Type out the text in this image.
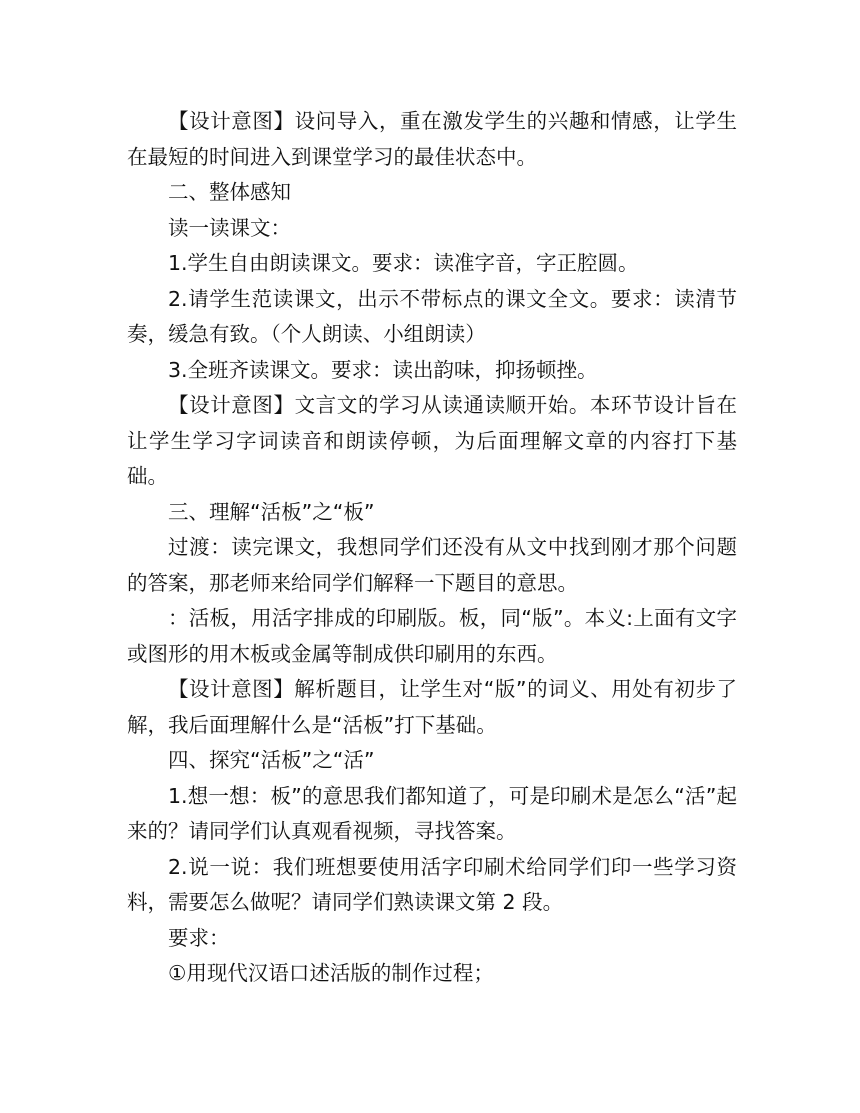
【设计意图】设问导入，重在激发学生的兴趣和情感，让学生在最短的时间进入到课堂学习的最佳状态中。

二、整体感知

读一读课文：

1.学生自由朗读课文。要求：读准字音，字正腔圆。

2.请学生范读课文，出示不带标点的课文全文。要求：读清节奏，缓急有致。（个人朗读、小组朗读）

3.全班齐读课文。要求：读出韵味，抑扬顿挫。

【设计意图】文言文的学习从读通读顺开始。本环节设计旨在让学生学习字词读音和朗读停顿，为后面理解文章的内容打下基础。

三、理解“活板”之“板”

过渡：读完课文，我想同学们还没有从文中找到刚才那个问题的答案，那老师来给同学们解释一下题目的意思。

：活板，用活字排成的印刷版。板，同“版”。本义:上面有文字或图形的用木板或金属等制成供印刷用的东西。

【设计意图】解析题目，让学生对“版”的词义、用处有初步了解，我后面理解什么是“活板”打下基础。

四、探究“活板”之“活”

1.想一想：板”的意思我们都知道了，可是印刷术是怎么“活”起来的？请同学们认真观看视频，寻找答案。

2.说一说：我们班想要使用活字印刷术给同学们印一些学习资料，需要怎么做呢？请同学们熟读课文第 2 段。

要求：

①用现代汉语口述活版的制作过程；
